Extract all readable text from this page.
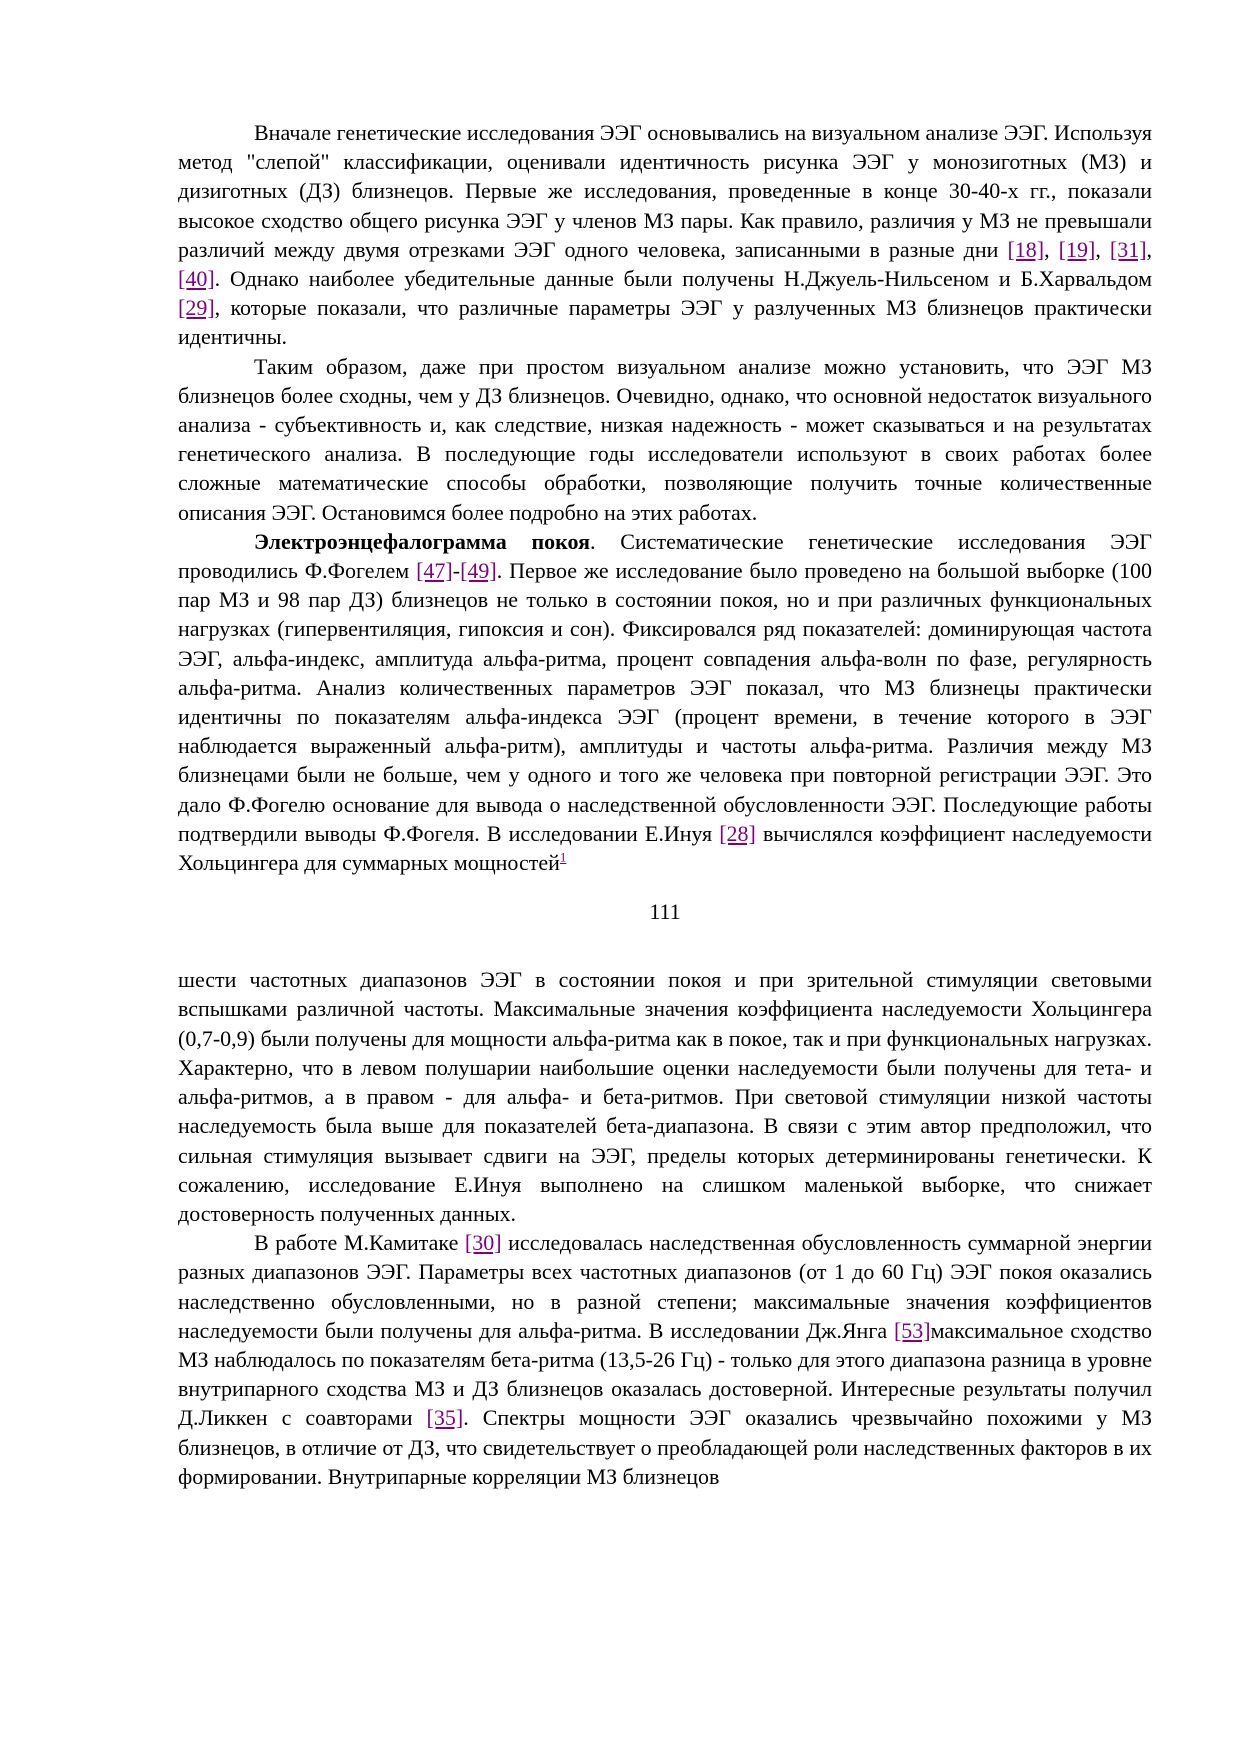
Вначале генетические исследования ЭЭГ основывались на визуальном анализе ЭЭГ. Используя метод "слепой" классификации, оценивали идентичность рисунка ЭЭГ у монозиготных (МЗ) и дизиготных (ДЗ) близнецов. Первые же исследования, проведенные в конце 30-40-х гг., показали высокое сходство общего рисунка ЭЭГ у членов МЗ пары. Как правило, различия у МЗ не превышали различий между двумя отрезками ЭЭГ одного человека, записанными в разные дни [18], [19], [31], [40]. Однако наиболее убедительные данные были получены Н.Джуель-Нильсеном и Б.Харвальдом [29], которые показали, что различные параметры ЭЭГ у разлученных МЗ близнецов практически идентичны.

Таким образом, даже при простом визуальном анализе можно установить, что ЭЭГ МЗ близнецов более сходны, чем у ДЗ близнецов. Очевидно, однако, что основной недостаток визуального анализа - субъективность и, как следствие, низкая надежность - может сказываться и на результатах генетического анализа. В последующие годы исследователи используют в своих работах более сложные математические способы обработки, позволяющие получить точные количественные описания ЭЭГ. Остановимся более подробно на этих работах.

Электроэнцефалограмма покоя. Систематические генетические исследования ЭЭГ проводились Ф.Фогелем [47]-[49]. Первое же исследование было проведено на большой выборке (100 пар МЗ и 98 пар ДЗ) близнецов не только в состоянии покоя, но и при различных функциональных нагрузках (гипервентиляция, гипоксия и сон). Фиксировался ряд показателей: доминирующая частота ЭЭГ, альфа-индекс, амплитуда альфа-ритма, процент совпадения альфа-волн по фазе, регулярность альфа-ритма. Анализ количественных параметров ЭЭГ показал, что МЗ близнецы практически идентичны по показателям альфа-индекса ЭЭГ (процент времени, в течение которого в ЭЭГ наблюдается выраженный альфа-ритм), амплитуды и частоты альфа-ритма. Различия между МЗ близнецами были не больше, чем у одного и того же человека при повторной регистрации ЭЭГ. Это дало Ф.Фогелю основание для вывода о наследственной обусловленности ЭЭГ. Последующие работы подтвердили выводы Ф.Фогеля. В исследовании Е.Инуя [28] вычислялся коэффициент наследуемости Хольцингера для суммарных мощностей$^1$

111

шести частотных диапазонов ЭЭГ в состоянии покоя и при зрительной стимуляции световыми вспышками различной частоты. Максимальные значения коэффициента наследуемости Хольцингера (0,7-0,9) были получены для мощности альфа-ритма как в покое, так и при функциональных нагрузках. Характерно, что в левом полушарии наибольшие оценки наследуемости были получены для тета- и альфа-ритмов, а в правом - для альфа- и бета-ритмов. При световой стимуляции низкой частоты наследуемость была выше для показателей бета-диапазона. В связи с этим автор предположил, что сильная стимуляция вызывает сдвиги на ЭЭГ, пределы которых детерминированы генетически. К сожалению, исследование Е.Инуя выполнено на слишком маленькой выборке, что снижает достоверность полученных данных.

В работе М.Камитаке [30] исследовалась наследственная обусловленность суммарной энергии разных диапазонов ЭЭГ. Параметры всех частотных диапазонов (от 1 до 60 Гц) ЭЭГ покоя оказались наследственно обусловленными, но в разной степени; максимальные значения коэффициентов наследуемости были получены для альфа-ритма. В исследовании Дж.Янга [53]максимальное сходство МЗ наблюдалось по показателям бета-ритма (13,5-26 Гц) - только для этого диапазона разница в уровне внутрипарного сходства МЗ и ДЗ близнецов оказалась достоверной. Интересные результаты получил Д.Ликкен с соавторами [35]. Спектры мощности ЭЭГ оказались чрезвычайно похожими у МЗ близнецов, в отличие от ДЗ, что свидетельствует о преобладающей роли наследственных факторов в их формировании. Внутрипарные корреляции МЗ близнецов
